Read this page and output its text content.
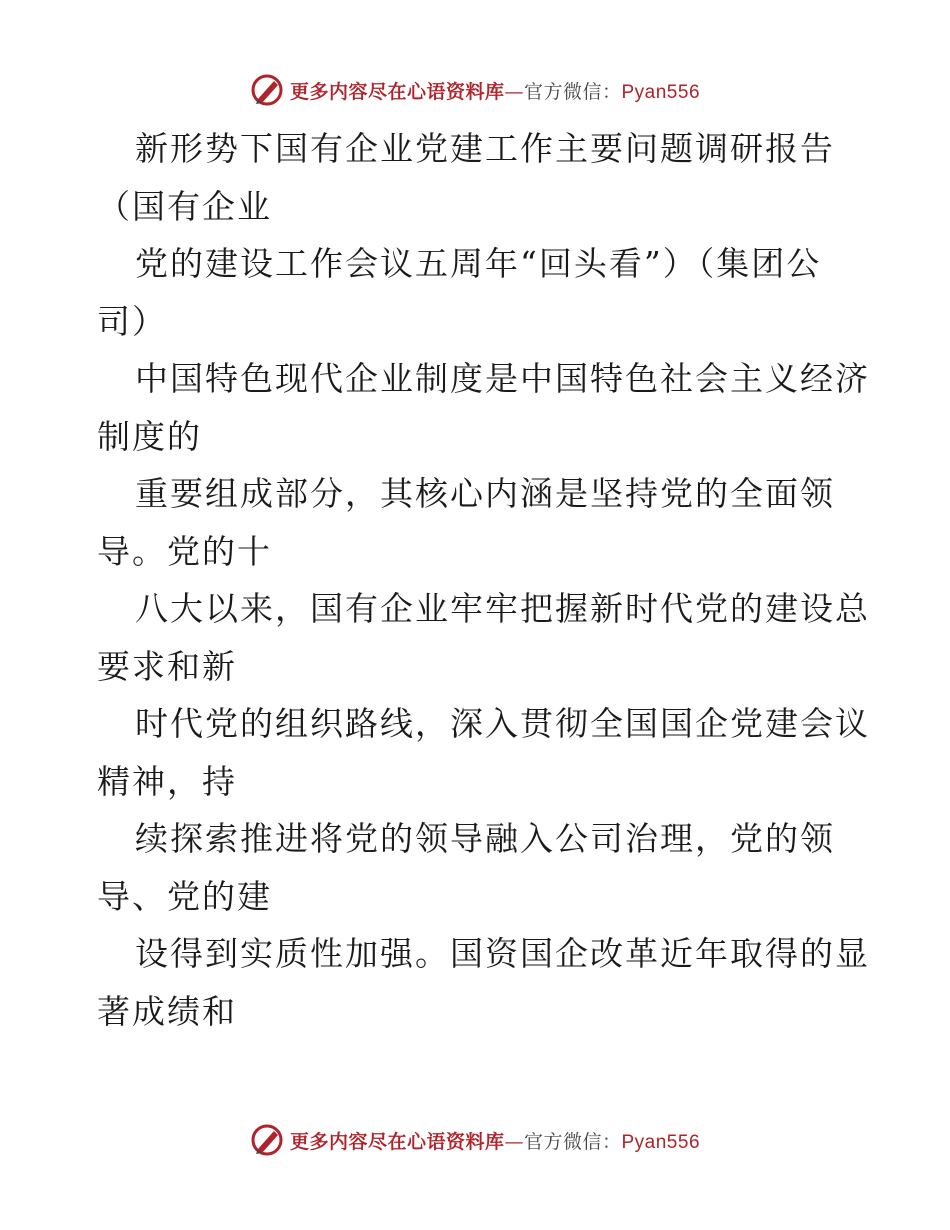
更多内容尽在心语资料库—官方微信：Pyan556
新形势下国有企业党建工作主要问题调研报告
（国有企业
党的建设工作会议五周年“回头看”）（集团公
司）
中国特色现代企业制度是中国特色社会主义经济
制度的
重要组成部分，其核心内涵是坚持党的全面领
导。党的十
八大以来，国有企业牢牢把握新时代党的建设总
要求和新
时代党的组织路线，深入贯彻全国国企党建会议
精神，持
续探索推进将党的领导融入公司治理，党的领
导、党的建
设得到实质性加强。国资国企改革近年取得的显
著成绩和
更多内容尽在心语资料库—官方微信：Pyan556
